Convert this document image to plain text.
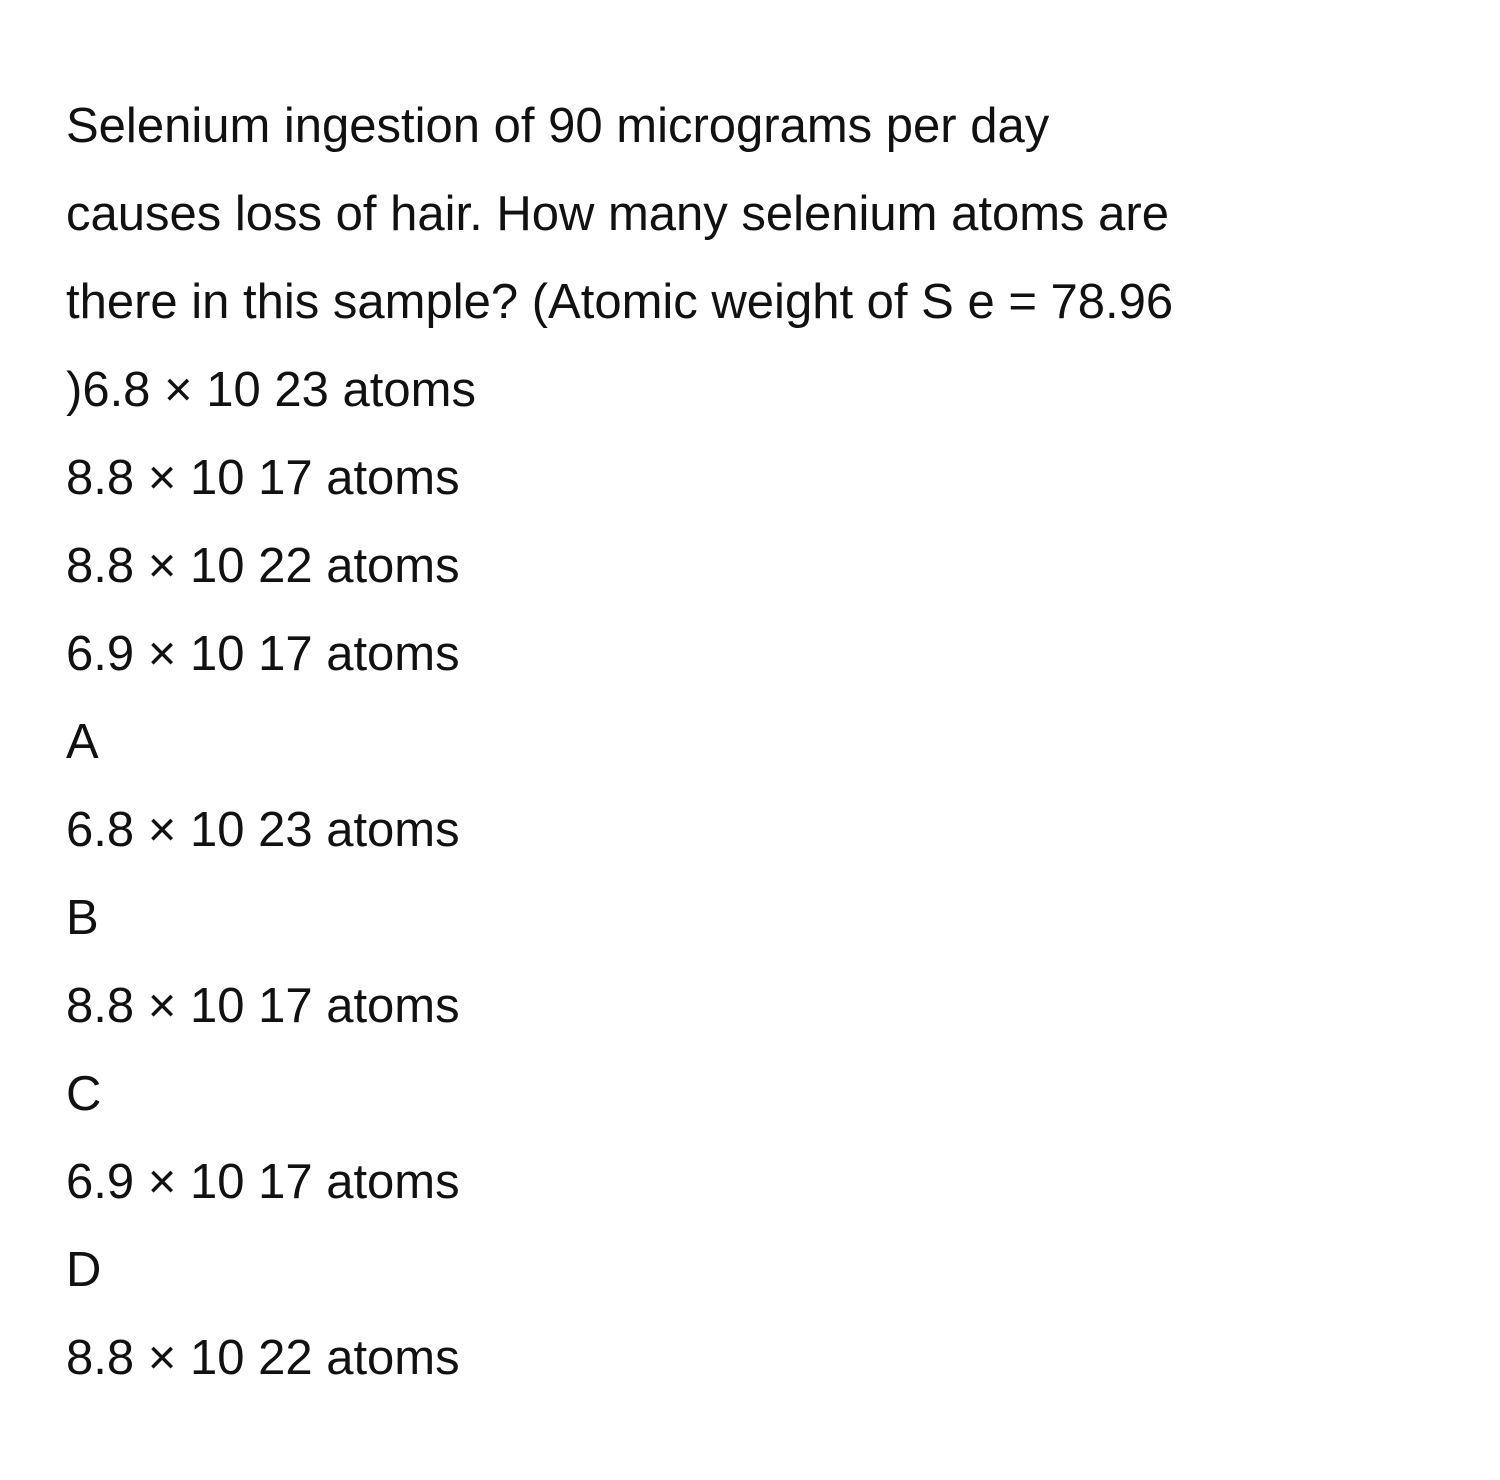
Selenium ingestion of 90 micrograms per day
causes loss of hair. How many selenium atoms are
there in this sample? (Atomic weight of S e = 78.96
)6.8 × 10 23 atoms
8.8 × 10 17 atoms
8.8 × 10 22 atoms
6.9 × 10 17 atoms
A
6.8 × 10 23 atoms
B
8.8 × 10 17 atoms
C
6.9 × 10 17 atoms
D
8.8 × 10 22 atoms
